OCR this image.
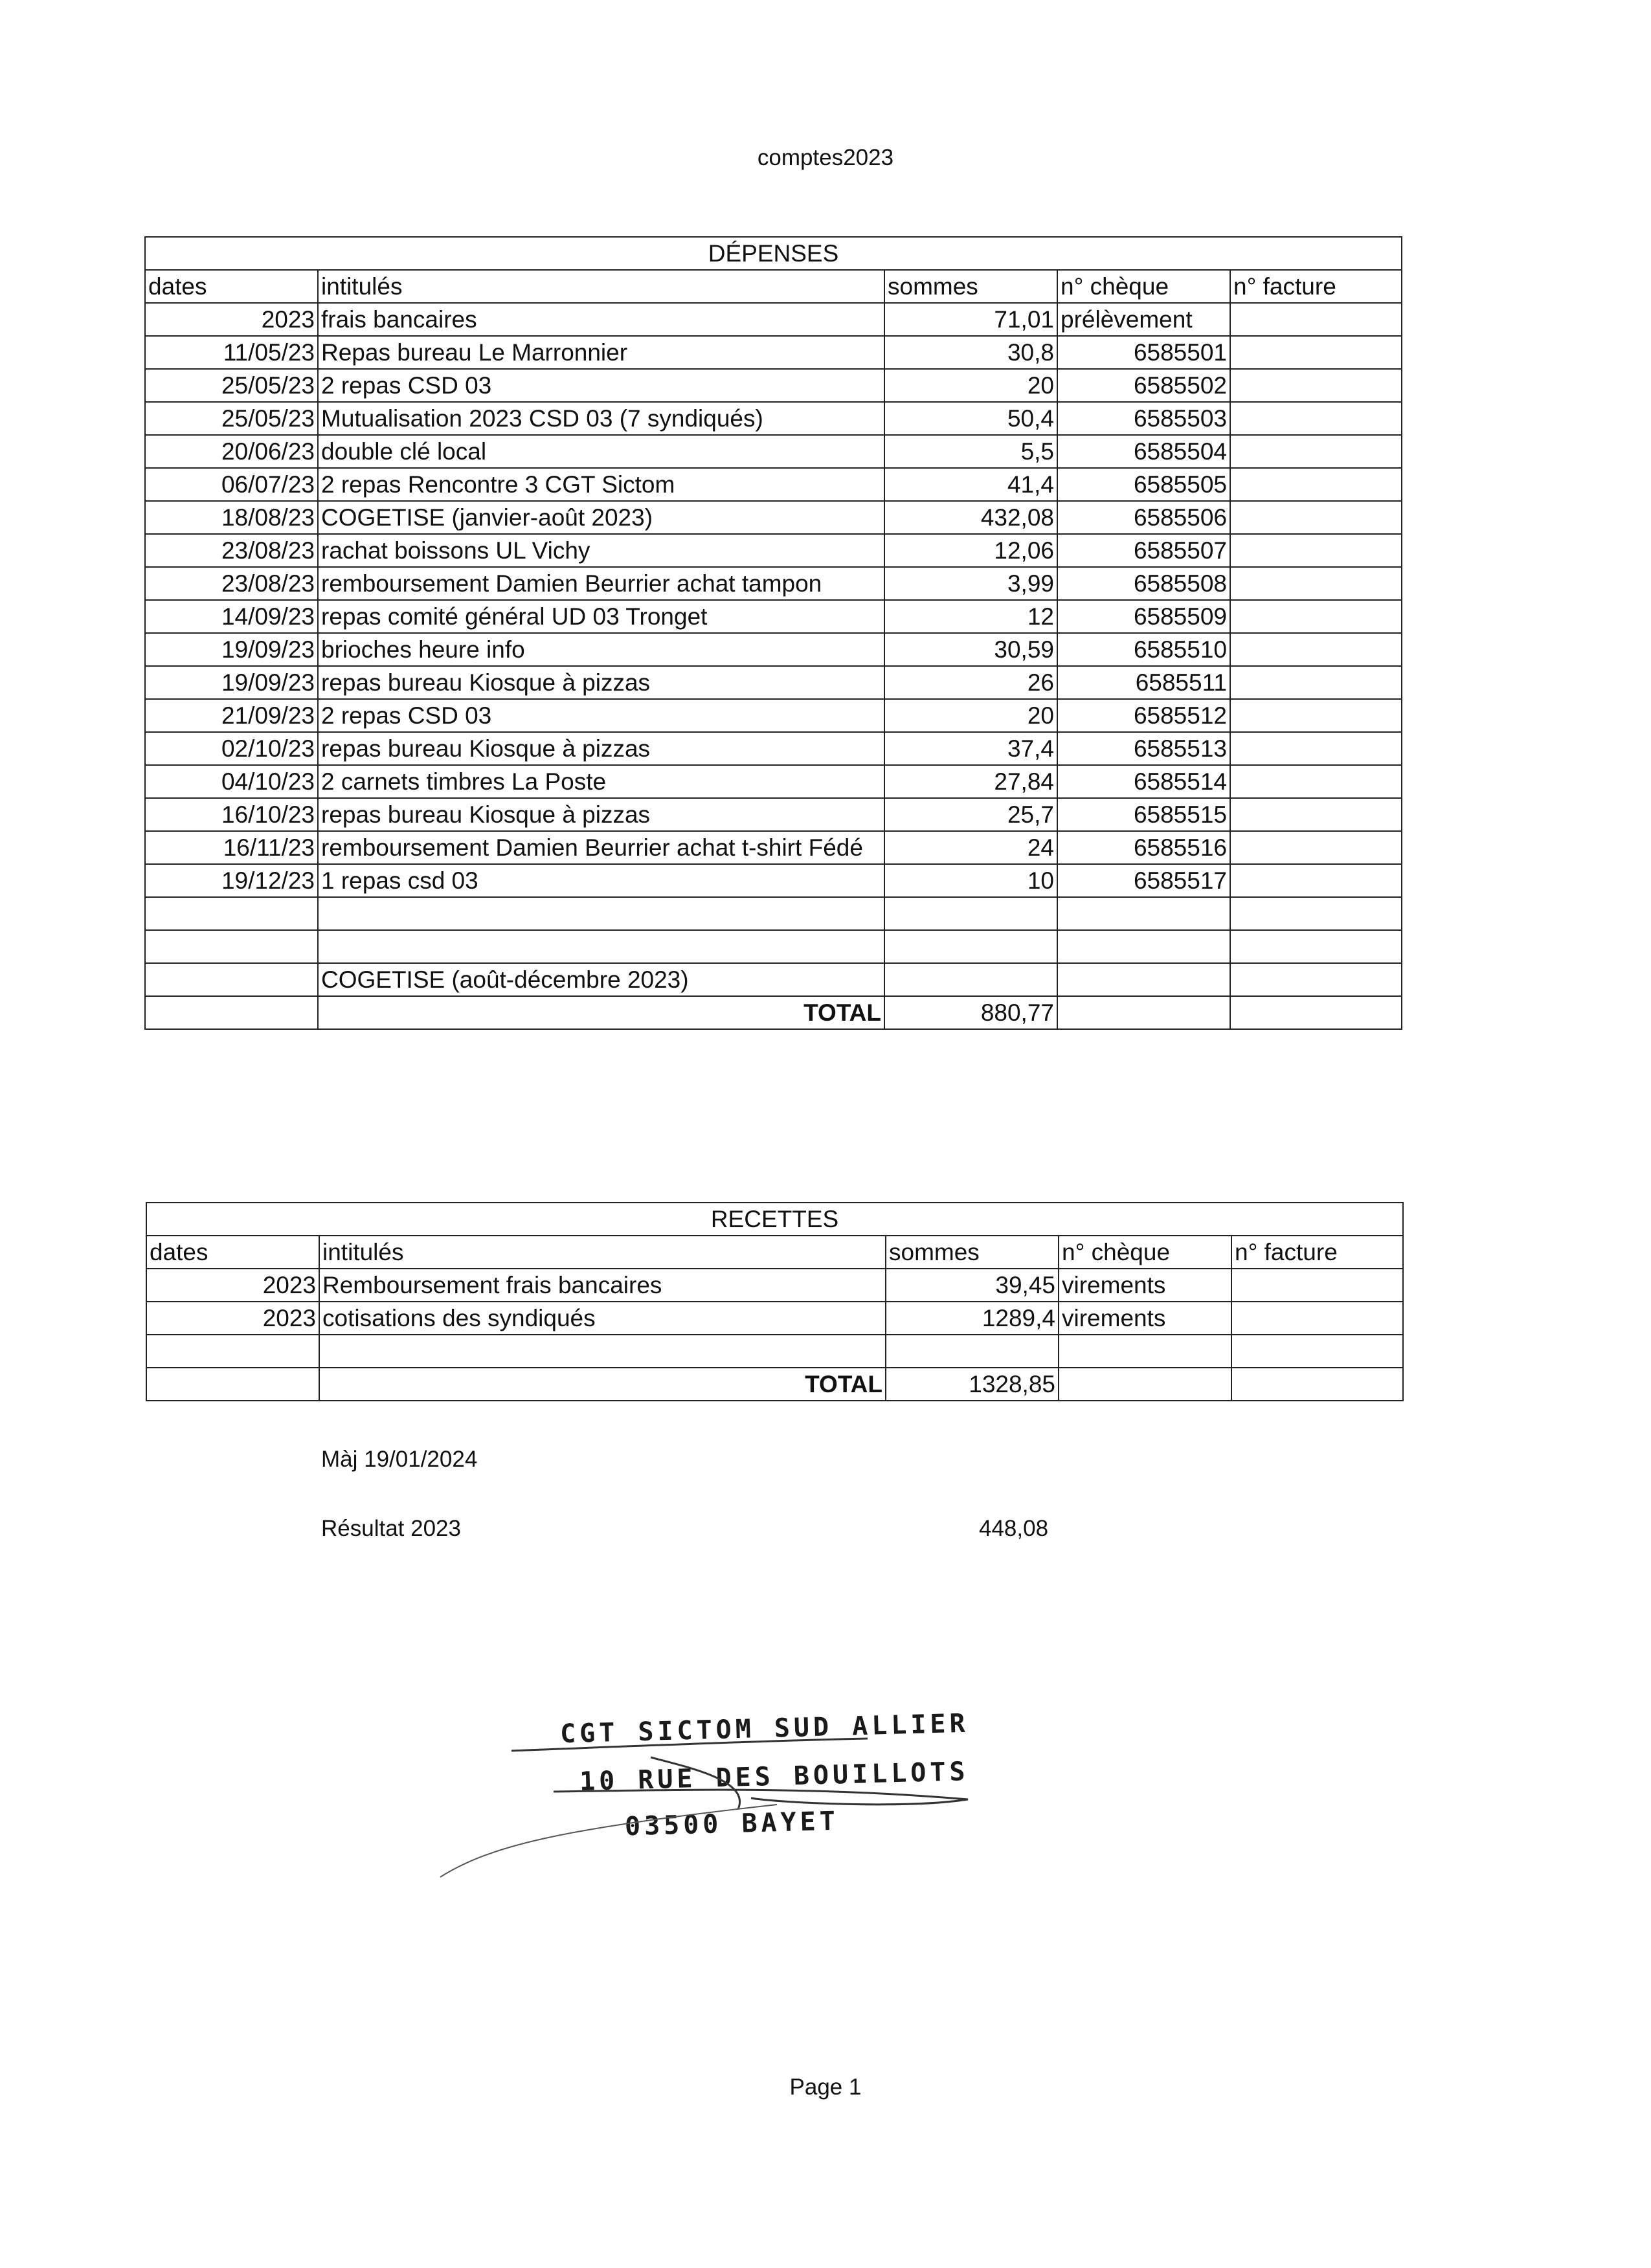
comptes2023
DÉPENSES				
dates	intitulés	sommes	n° chèque	n° facture
2023	frais bancaires	71,01	prélèvement	
11/05/23	Repas bureau Le Marronnier	30,8	6585501	
25/05/23	2 repas CSD 03	20	6585502	
25/05/23	Mutualisation 2023 CSD 03 (7 syndiqués)	50,4	6585503	
20/06/23	double clé local	5,5	6585504	
06/07/23	2 repas Rencontre 3 CGT Sictom	41,4	6585505	
18/08/23	COGETISE (janvier-août 2023)	432,08	6585506	
23/08/23	rachat boissons UL Vichy	12,06	6585507	
23/08/23	remboursement Damien Beurrier achat tampon	3,99	6585508	
14/09/23	repas comité général UD 03 Tronget	12	6585509	
19/09/23	brioches heure info	30,59	6585510	
19/09/23	repas bureau Kiosque à pizzas	26	6585511	
21/09/23	2 repas CSD 03	20	6585512	
02/10/23	repas bureau Kiosque à pizzas	37,4	6585513	
04/10/23	2 carnets timbres La Poste	27,84	6585514	
16/10/23	repas bureau Kiosque à pizzas	25,7	6585515	
16/11/23	remboursement Damien Beurrier achat t-shirt Fédé	24	6585516	
19/12/23	1 repas csd 03	10	6585517	

	COGETISE (août-décembre 2023)			
	TOTAL	880,77		
RECETTES				
dates	intitulés	sommes	n° chèque	n° facture
2023	Remboursement frais bancaires	39,45	virements	
2023	cotisations des syndiqués	1289,4	virements	

	TOTAL	1328,85		
Màj 19/01/2024
Résultat 2023	448,08
CGT SICTOM SUD ALLIER
10 RUE DES BOUILLOTS
03500 BAYET
Page 1
